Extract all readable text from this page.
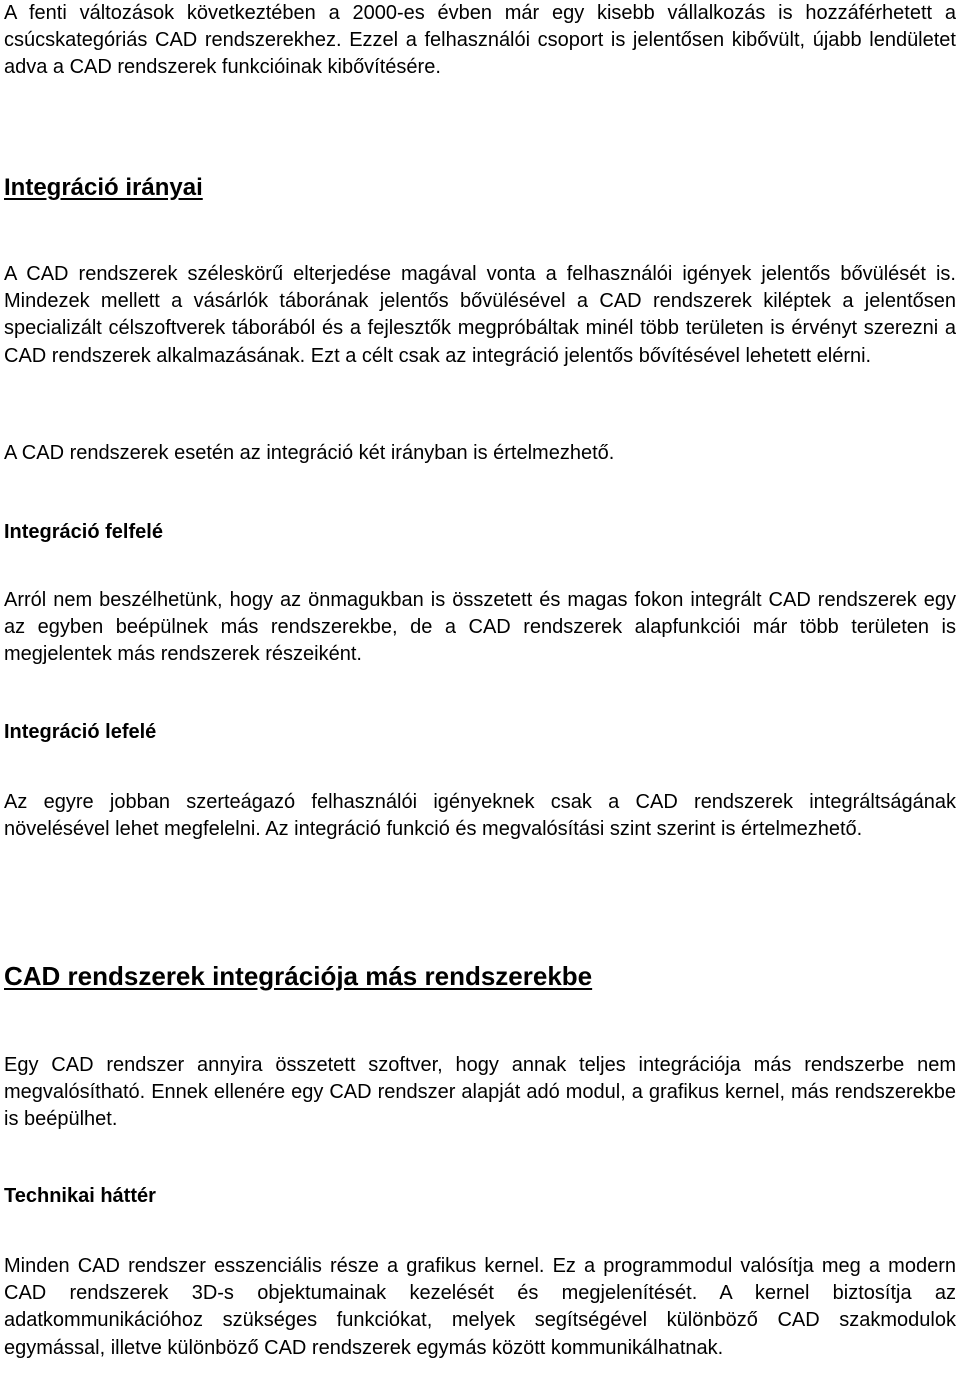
A fenti változások következtében a 2000-es évben már egy kisebb vállalkozás is hozzáférhetett a csúcskategóriás CAD rendszerekhez. Ezzel a felhasználói csoport is jelentősen kibővült, újabb lendületet adva a CAD rendszerek funkcióinak kibővítésére.

Integráció irányai

A CAD rendszerek széleskörű elterjedése magával vonta a felhasználói igények jelentős bővülését is. Mindezek mellett a vásárlók táborának jelentős bővülésével a CAD rendszerek kiléptek a jelentősen specializált célszoftverek táborából és a fejlesztők megpróbáltak minél több területen is érvényt szerezni a CAD rendszerek alkalmazásának. Ezt a célt csak az integráció jelentős bővítésével lehetett elérni.

A CAD rendszerek esetén az integráció két irányban is értelmezhető.

Integráció felfelé

Arról nem beszélhetünk, hogy az önmagukban is összetett és magas fokon integrált CAD rendszerek egy az egyben beépülnek más rendszerekbe, de a CAD rendszerek alapfunkciói már több területen is megjelentek más rendszerek részeiként.

Integráció lefelé

Az egyre jobban szerteágazó felhasználói igényeknek csak a CAD rendszerek integráltságának növelésével lehet megfelelni. Az integráció funkció és megvalósítási szint szerint is értelmezhető.

CAD rendszerek integrációja más rendszerekbe

Egy CAD rendszer annyira összetett szoftver, hogy annak teljes integrációja más rendszerbe nem megvalósítható. Ennek ellenére egy CAD rendszer alapját adó modul, a grafikus kernel, más rendszerekbe is beépülhet.

Technikai háttér

Minden CAD rendszer esszenciális része a grafikus kernel. Ez a programmodul valósítja meg a modern CAD rendszerek 3D-s objektumainak kezelését és megjelenítését. A kernel biztosítja az adatkommunikációhoz szükséges funkciókat, melyek segítségével különböző CAD szakmodulok egymással, illetve különböző CAD rendszerek egymás között kommunikálhatnak.
